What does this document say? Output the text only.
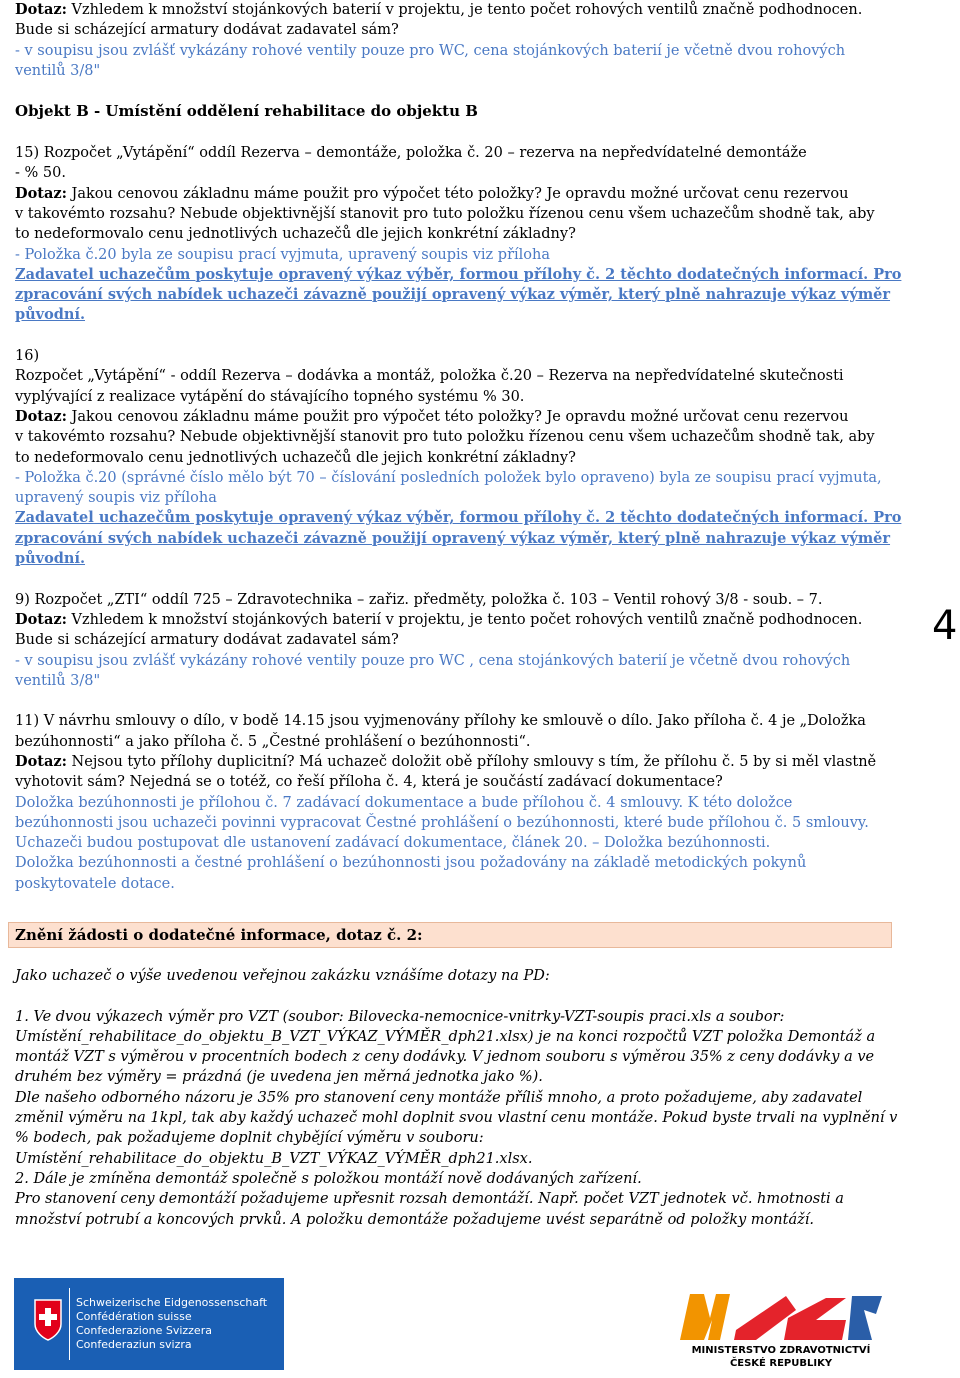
Dotaz: Vzhledem k množství stojánkových baterií v projektu, je tento počet rohových ventilů značně podhodnocen.
Bude si scházející armatury dodávat zadavatel sám?
- v soupisu jsou zvlášť vykázány rohové ventily pouze pro WC, cena stojánkových baterií je včetně dvou rohových
ventilů 3/8"

Objekt B - Umístění oddělení rehabilitace do objektu B

15) Rozpočet „Vytápění“ oddíl Rezerva – demontáže, položka č. 20 – rezerva na nepředvídatelné demontáže
- % 50.
Dotaz: Jakou cenovou základnu máme použit pro výpočet této položky? Je opravdu možné určovat cenu rezervou
v takovémto rozsahu? Nebude objektivnější stanovit pro tuto položku řízenou cenu všem uchazečům shodně tak, aby
to nedeformovalo cenu jednotlivých uchazečů dle jejich konkrétní základny?
- Položka č.20 byla ze soupisu prací vyjmuta, upravený soupis viz příloha
Zadavatel uchazečům poskytuje opravený výkaz výběr, formou přílohy č. 2 těchto dodatečných informací. Pro
zpracování svých nabídek uchazeči závazně použijí opravený výkaz výměr, který plně nahrazuje výkaz výměr
původní.

16)
Rozpočet „Vytápění“ - oddíl Rezerva – dodávka a montáž, položka č.20 – Rezerva na nepředvídatelné skutečnosti
vyplývající z realizace vytápění do stávajícího topného systému % 30.
Dotaz: Jakou cenovou základnu máme použit pro výpočet této položky? Je opravdu možné určovat cenu rezervou
v takovémto rozsahu? Nebude objektivnější stanovit pro tuto položku řízenou cenu všem uchazečům shodně tak, aby
to nedeformovalo cenu jednotlivých uchazečů dle jejich konkrétní základny?
- Položka č.20 (správné číslo mělo být 70 – číslování posledních položek bylo opraveno) byla ze soupisu prací vyjmuta,
upravený soupis viz příloha
Zadavatel uchazečům poskytuje opravený výkaz výběr, formou přílohy č. 2 těchto dodatečných informací. Pro
zpracování svých nabídek uchazeči závazně použijí opravený výkaz výměr, který plně nahrazuje výkaz výměr
původní.

9) Rozpočet „ZTI“ oddíl 725 – Zdravotechnika – zařiz. předměty, položka č. 103 – Ventil rohový 3/8 - soub. – 7.
Dotaz: Vzhledem k množství stojánkových baterií v projektu, je tento počet rohových ventilů značně podhodnocen.
Bude si scházející armatury dodávat zadavatel sám?
- v soupisu jsou zvlášť vykázány rohové ventily pouze pro WC , cena stojánkových baterií je včetně dvou rohových
ventilů 3/8"

11) V návrhu smlouvy o dílo, v bodě 14.15 jsou vyjmenovány přílohy ke smlouvě o dílo. Jako příloha č. 4 je „Doložka
bezúhonnosti“ a jako příloha č. 5 „Čestné prohlášení o bezúhonnosti“.
Dotaz: Nejsou tyto přílohy duplicitní? Má uchazeč doložit obě přílohy smlouvy s tím, že přílohu č. 5 by si měl vlastně
vyhotovit sám? Nejedná se o totéž, co řeší příloha č. 4, která je součástí zadávací dokumentace?
Doložka bezúhonnosti je přílohou č. 7 zadávací dokumentace a bude přílohou č. 4 smlouvy. K této doložce
bezúhonnosti jsou uchazeči povinni vypracovat Čestné prohlášení o bezúhonnosti, které bude přílohou č. 5 smlouvy.
Uchazeči budou postupovat dle ustanovení zadávací dokumentace, článek 20. – Doložka bezúhonnosti.
Doložka bezúhonnosti a čestné prohlášení o bezúhonnosti jsou požadovány na základě metodických pokynů
poskytovatele dotace.
Znění žádosti o dodatečné informace, dotaz č. 2:
Jako uchazeč o výše uvedenou veřejnou zakázku vznášíme dotazy na PD:

1. Ve dvou výkazech výměr pro VZT (soubor: Bilovecka-nemocnice-vnitrky-VZT-soupis praci.xls a soubor:
Umístění_rehabilitace_do_objektu_B_VZT_VÝKAZ_VÝMĚR_dph21.xlsx) je na konci rozpočtů VZT položka Demontáž a
montáž VZT s výměrou v procentních bodech z ceny dodávky. V jednom souboru s výměrou 35% z ceny dodávky a ve
druhém bez výměry = prázdná (je uvedena jen měrná jednotka jako %).
Dle našeho odborného názoru je 35% pro stanovení ceny montáže příliš mnoho, a proto požadujeme, aby zadavatel
změnil výměru na 1kpl, tak aby každý uchazeč mohl doplnit svou vlastní cenu montáže. Pokud byste trvali na vyplnění v
% bodech, pak požadujeme doplnit chybějící výměru v souboru:
Umístění_rehabilitace_do_objektu_B_VZT_VÝKAZ_VÝMĚR_dph21.xlsx.
2. Dále je zmíněna demontáž společně s položkou montáží nově dodávaných zařízení.
Pro stanovení ceny demontáží požadujeme upřesnit rozsah demontáží. Např. počet VZT jednotek vč. hmotnosti a
množství potrubí a koncových prvků. A položku demontáže požadujeme uvést separátně od položky montáží.
4
Schweizerische Eidgenossenschaft
Confédération suisse
Confederazione Svizzera
Confederaziun svizra	MINISTERSTVO ZDRAVOTNICTVÍ
ČESKÉ REPUBLIKY
